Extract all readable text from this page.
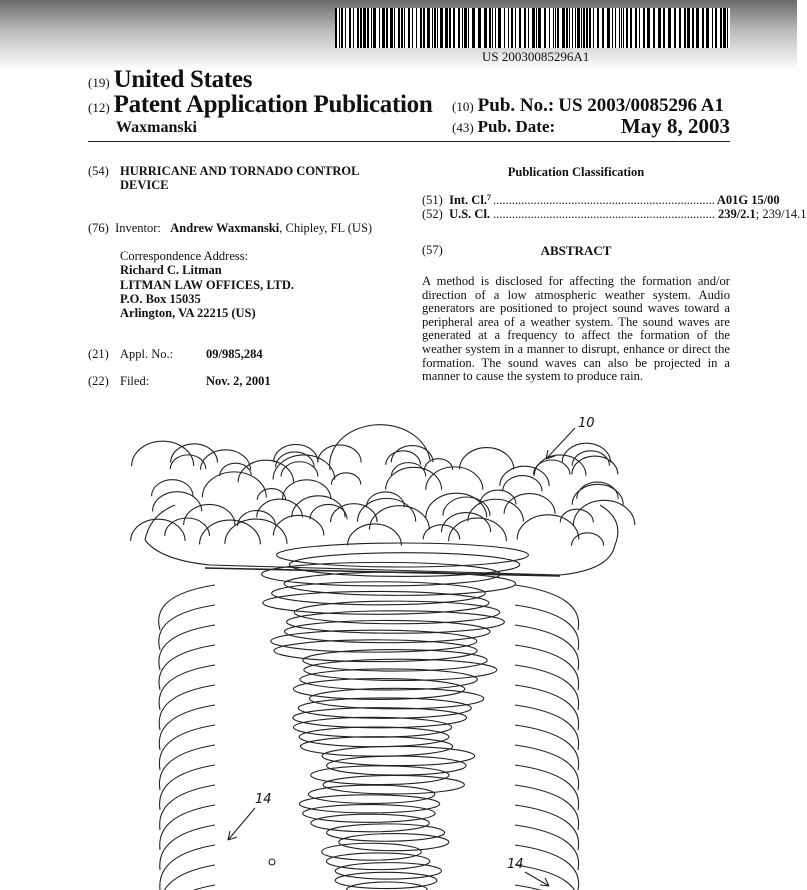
US 20030085296A1
(19) United States
(12) Patent Application Publication
Waxmanski
(10) Pub. No.: US 2003/0085296 A1
(43) Pub. Date:	May 8, 2003
(54) HURRICANE AND TORNADO CONTROL
DEVICE
(76) Inventor: Andrew Waxmanski, Chipley, FL (US)
Correspondence Address:
Richard C. Litman
LITMAN LAW OFFICES, LTD.
P.O. Box 15035
Arlington, VA 22215 (US)
(21) Appl. No.:	09/985,284
(22) Filed:	Nov. 2, 2001
Publication Classification
(51)
Int. Cl. 7 ....................................................................... A01G 15/00
(52)
U.S. Cl. ....................................................................... 239/2.1 ; 239/14.1
(57)	ABSTRACT
A method is disclosed for affecting the formation and/or direction of a low atmospheric weather system. Audio generators are positioned to project sound waves toward a peripheral area of a weather system. The sound waves are generated at a frequency to affect the formation of the weather system in a manner to disrupt, enhance or direct the formation. The sound waves can also be projected in a manner to cause the system to produce rain.
10
14
14
